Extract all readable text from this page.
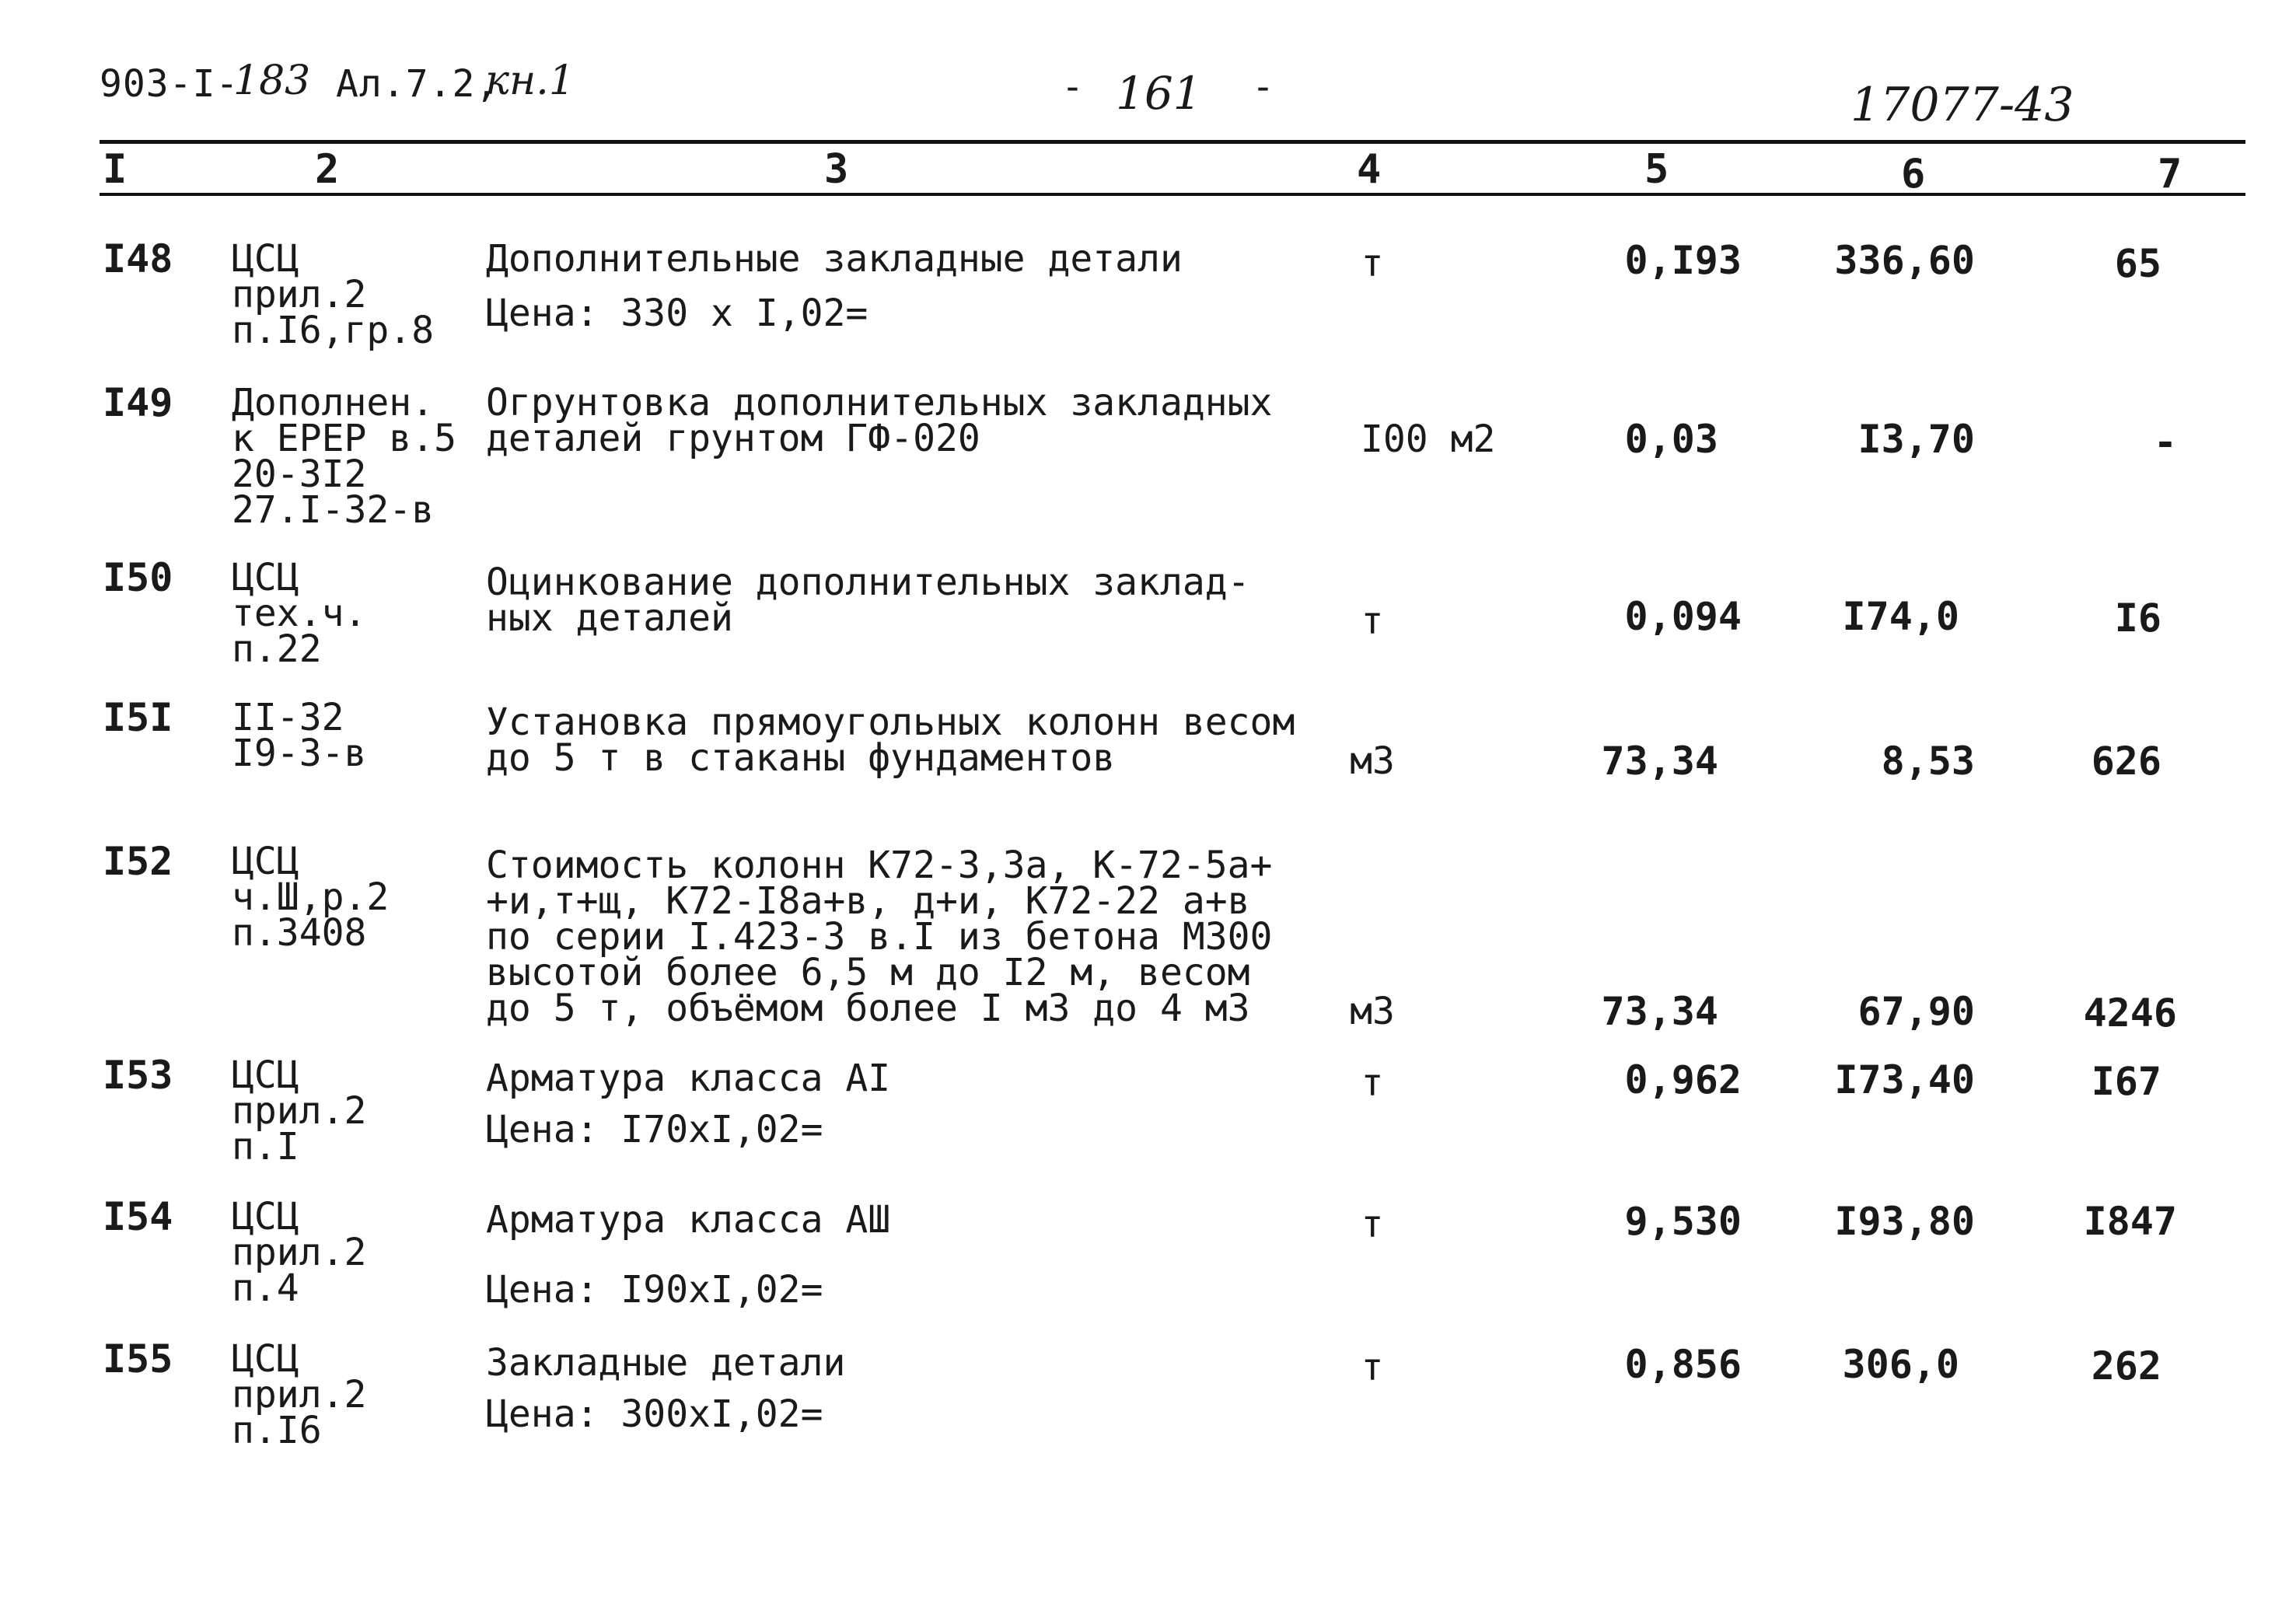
903-I-
183 Ал.7.2,
кн.1	- 161 -	17077-43
I	2	3	4	5	6	7
I48 ЦСЦ
прил.2
п.I6,гр.8
Дополнительные закладные детали
Цена: 330 х I,02=
т	0,I93	336,60	65
I49 Дополнен.
к ЕРЕР в.5
20-3I2
27.I-32-в
Огрунтовка дополнительных закладных
деталей грунтом ГФ-020	I00 м2	0,03	I3,70	-
I50 ЦСЦ
тех.ч.
п.22
Оцинкование дополнительных заклад-
ных деталей	т	0,094	I74,0	I6
I5I II-32
I9-3-в
Установка прямоугольных колонн весом
до 5 т в стаканы фундаментов	м3	73,34	8,53	626
I52 ЦСЦ
ч.Ш,р.2
п.3408
Стоимость колонн К72-3,3а, К-72-5а+
+и,т+щ, К72-I8а+в, д+и, К72-22 а+в
по серии I.423-3 в.I из бетона М300
высотой более 6,5 м до I2 м, весом
до 5 т, объёмом более I м3 до 4 м3	м3	73,34	67,90	4246
I53 ЦСЦ
прил.2
п.I
Арматура класса АI
Цена: I70хI,02=
т	0,962	I73,40	I67
I54 ЦСЦ
прил.2
п.4
Арматура класса АШ
Цена: I90хI,02=
т	9,530	I93,80	I847
I55 ЦСЦ
прил.2
п.I6
Закладные детали
Цена: 300хI,02=
т	0,856	306,0	262
